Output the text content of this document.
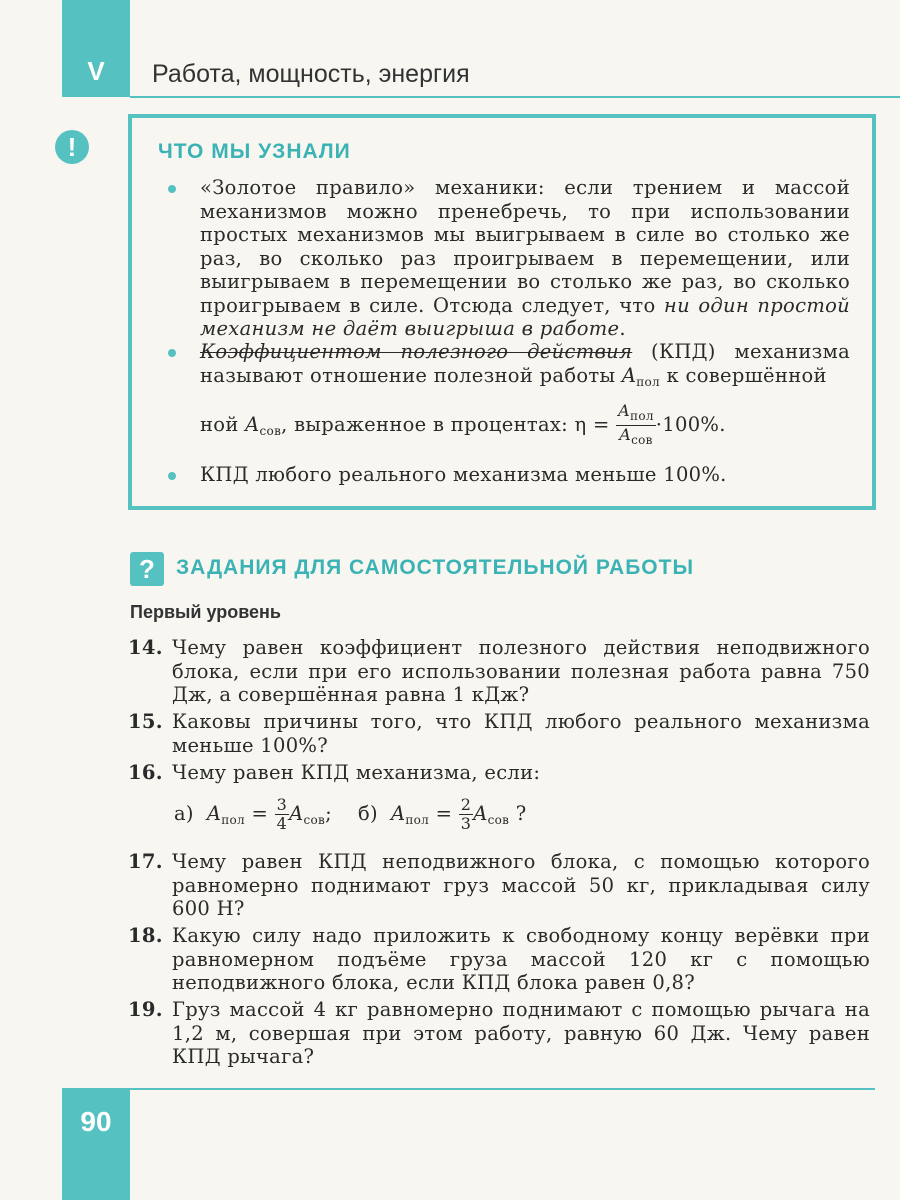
V	Работа, мощность, энергия
!	ЧТО МЫ УЗНАЛИ
«Золотое правило» механики: если трением и массой механизмов можно пренебречь, то при использовании простых механизмов мы выигрываем в силе во столько же раз, во сколько раз проигрываем в перемещении, или выигрываем в перемещении во столько же раз, во сколько проигрываем в силе. Отсюда следует, что ни один простой механизм не даёт выигрыша в работе.
Коэффициентом полезного действия (КПД) механизма называют отношение полезной работы $A_{пол}$ к совершённой
ной $A_{сов}$, выраженное в процентах: $\eta = \frac{A_{пол}}{A_{сов}} \cdot 100\%$.
КПД любого реального механизма меньше 100%.
?	ЗАДАНИЯ ДЛЯ САМОСТОЯТЕЛЬНОЙ РАБОТЫ
Первый уровень
14. Чему равен коэффициент полезного действия неподвижного блока, если при его использовании полезная работа равна 750 Дж, а совершённая равна 1 кДж?
15. Каковы причины того, что КПД любого реального механизма меньше 100%?
16. Чему равен КПД механизма, если:
а) $A_{пол} = \frac{3}{4} A_{сов}$; б) $A_{пол} = \frac{2}{3} A_{сов}$ ?
17. Чему равен КПД неподвижного блока, с помощью которого равномерно поднимают груз массой 50 кг, прикладывая силу 600 Н?
18. Какую силу надо приложить к свободному концу верёвки при равномерном подъёме груза массой 120 кг с помощью неподвижного блока, если КПД блока равен 0,8?
19. Груз массой 4 кг равномерно поднимают с помощью рычага на 1,2 м, совершая при этом работу, равную 60 Дж. Чему равен КПД рычага?
90
